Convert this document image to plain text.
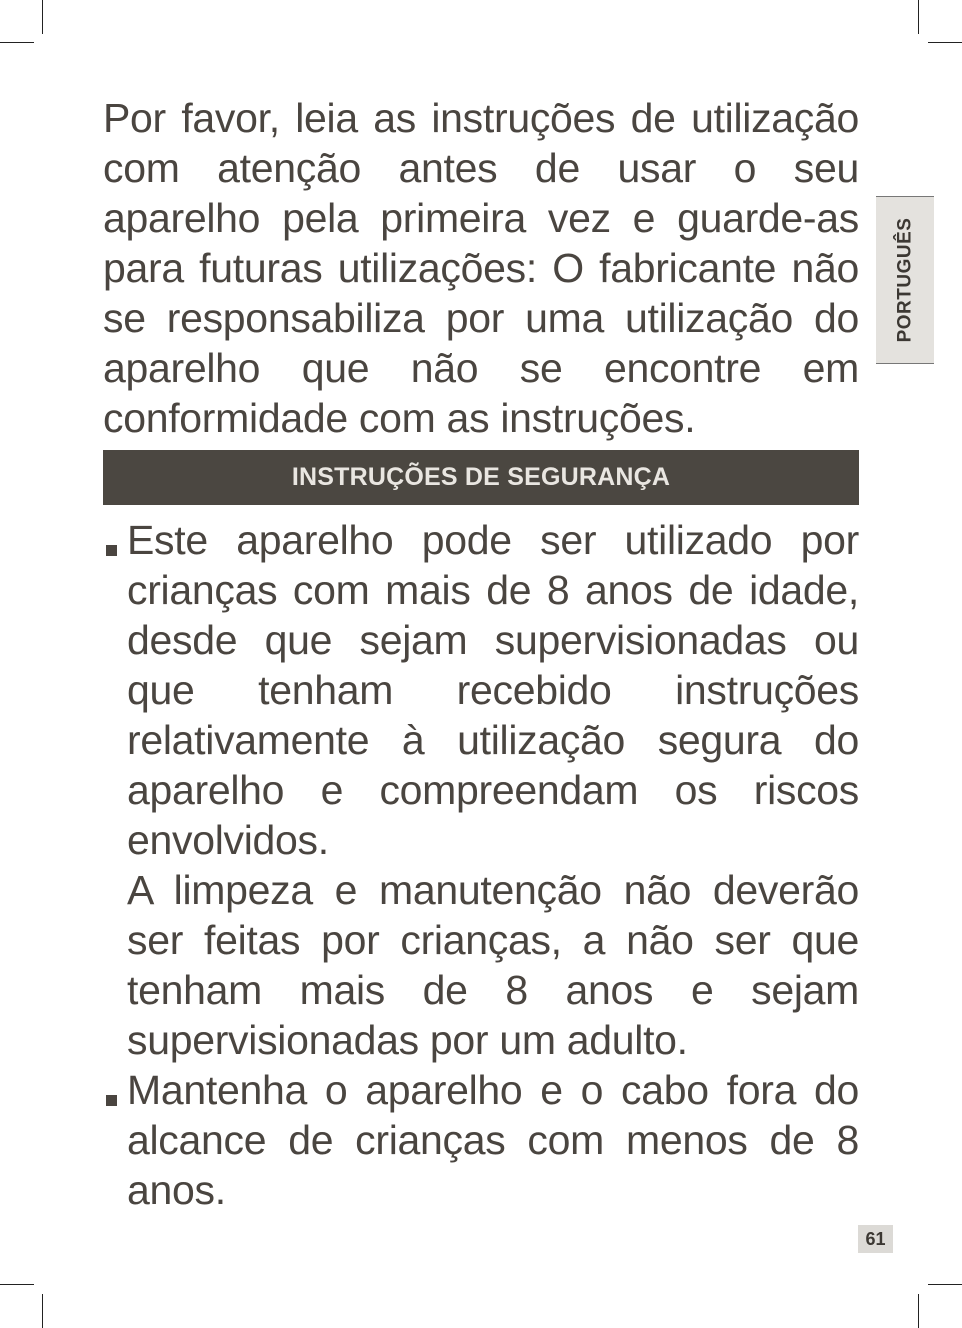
Por favor, leia as instruções de utilização com atenção antes de usar o seu aparelho pela primeira vez e guarde-as para futuras utilizações: O fabricante não se responsabiliza por uma utilização do aparelho que não se encontre em conformidade com as instruções.

INSTRUÇÕES DE SEGURANÇA

Este aparelho pode ser utilizado por crianças com mais de 8 anos de idade, desde que sejam supervisionadas ou que tenham recebido instruções relativamente à utilização segura do aparelho e compreendam os riscos envolvidos.

A limpeza e manutenção não deverão ser feitas por crianças, a não ser que tenham mais de 8 anos e sejam supervisionadas por um adulto.

Mantenha o aparelho e o cabo fora do alcance de crianças com menos de 8 anos.

PORTUGUÊS
61
